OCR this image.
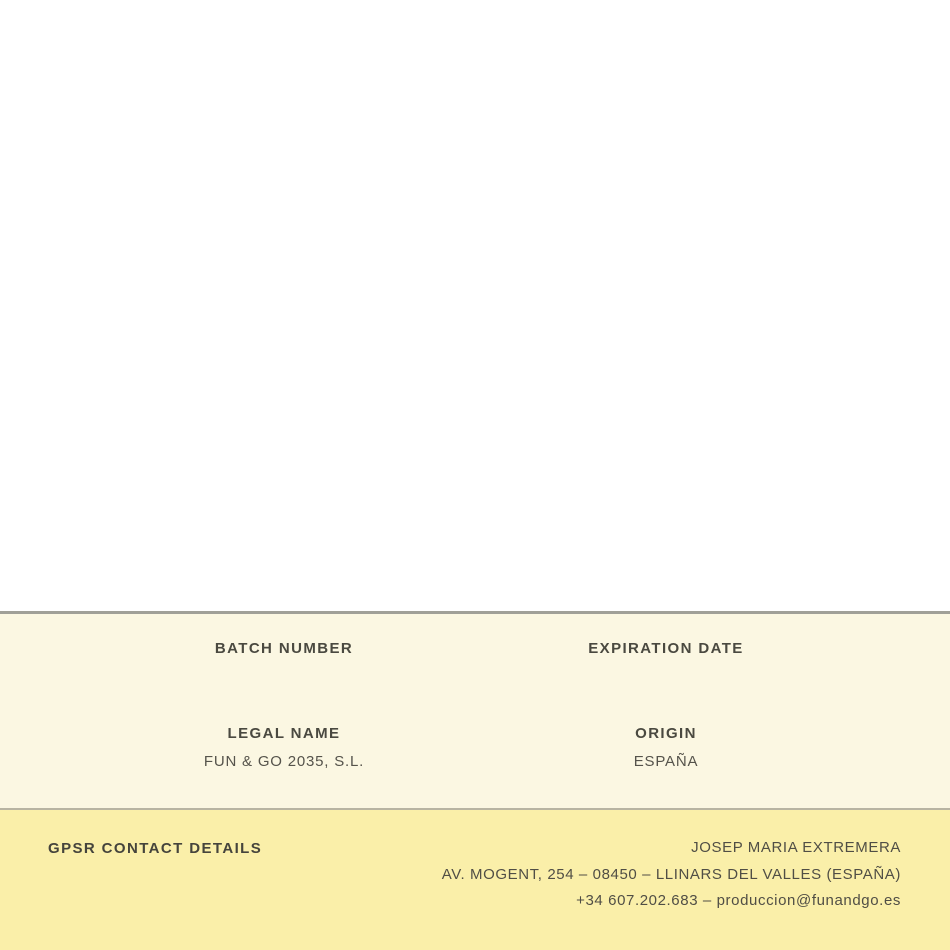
BATCH NUMBER
LEGAL NAME
FUN & GO 2035, S.L.
EXPIRATION DATE
ORIGIN
ESPAÑA
GPSR CONTACT DETAILS	JOSEP MARIA EXTREMERA
AV. MOGENT, 254 – 08450 – LLINARS DEL VALLES (ESPAÑA)
+34 607.202.683 – produccion@funandgo.es
